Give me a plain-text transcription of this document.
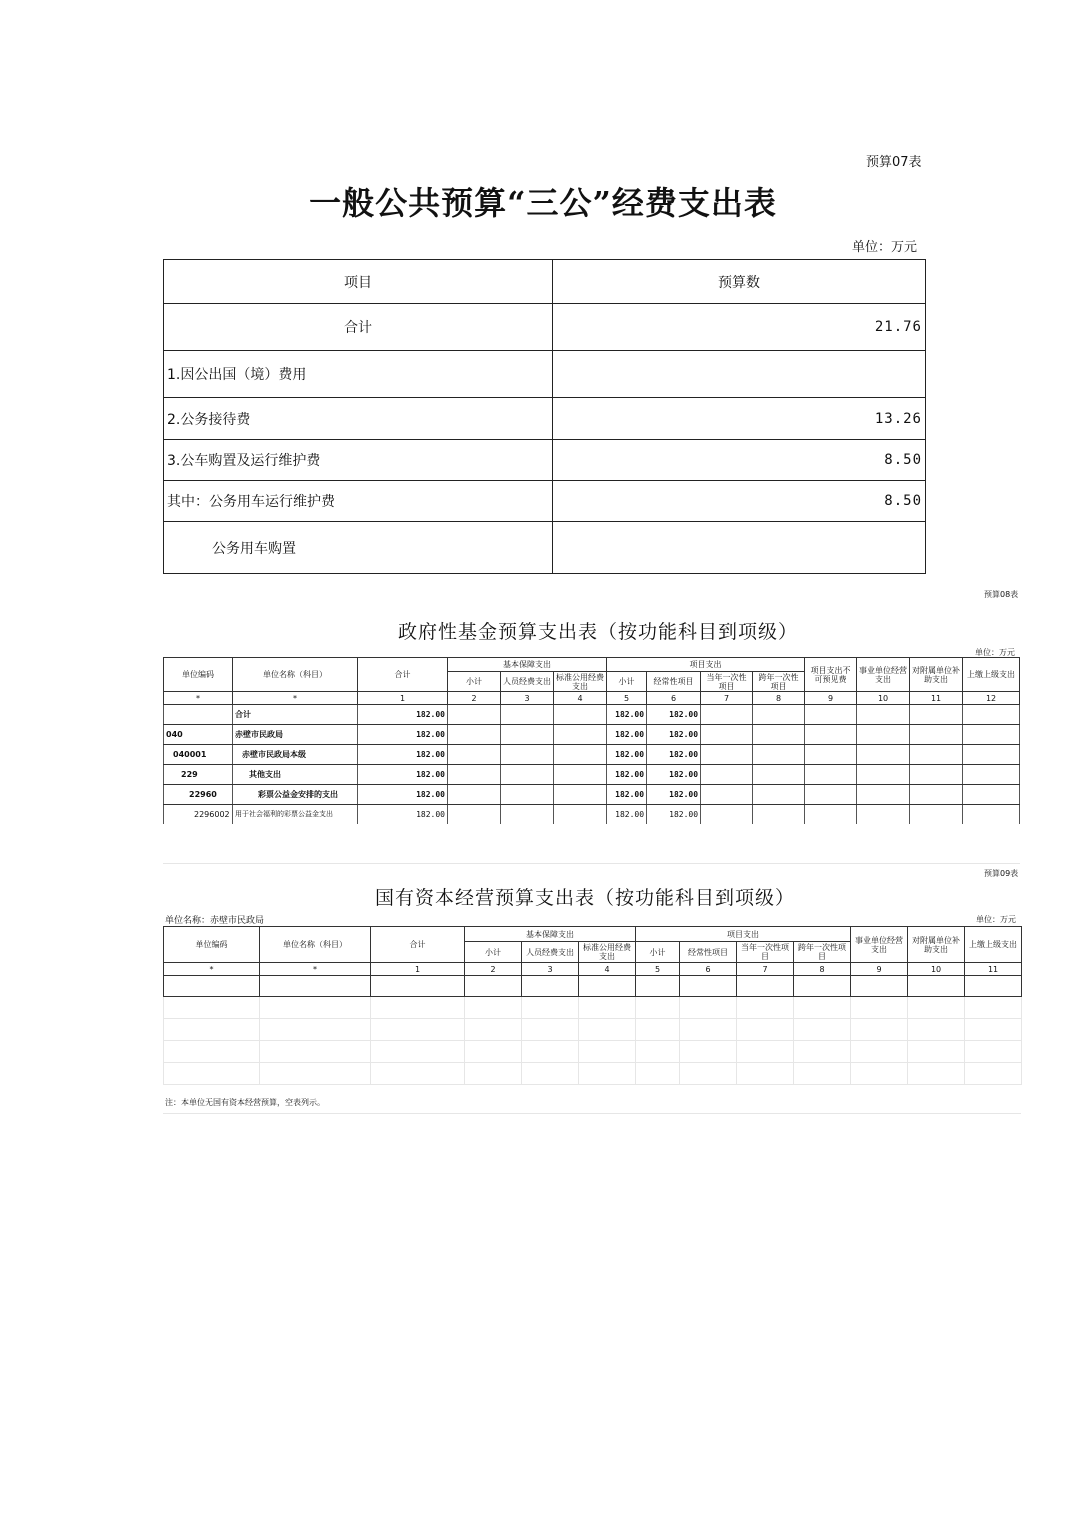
预算07表
一般公共预算“三公”经费支出表
单位：万元
项目	预算数
合计	21.76
1.因公出国（境）费用	
2.公务接待费	13.26
3.公车购置及运行维护费	8.50
其中：公务用车运行维护费	8.50
公务用车购置	
预算08表
政府性基金预算支出表（按功能科目到项级）
单位：万元
单位编码	单位名称（科目）	合计	基本保障支出			项目支出				项目支出不可预见费	事业单位经营支出	对附属单位补助支出	上缴上级支出
			小计	人员经费支出	标准公用经费支出	小计	经常性项目	当年一次性项目	跨年一次性项目				
*	*	1	2	3	4	5	6	7	8	9	10	11	12
	合计	182.00				182.00	182.00						
040	赤壁市民政局	182.00				182.00	182.00						
040001	赤壁市民政局本级	182.00				182.00	182.00						
229	其他支出	182.00				182.00	182.00						
22960	彩票公益金安排的支出	182.00				182.00	182.00						
2296002	用于社会福利的彩票公益金支出	182.00				182.00	182.00						
预算09表
国有资本经营预算支出表（按功能科目到项级）
单位名称：赤壁市民政局	单位：万元
单位编码	单位名称（科目）	合计	基本保障支出			项目支出				事业单位经营支出	对附属单位补助支出	上缴上级支出
			小计	人员经费支出	标准公用经费支出	小计	经常性项目	当年一次性项目	跨年一次性项目			
*	*	1	2	3	4	5	6	7	8	9	10	11

注：本单位无国有资本经营预算，空表列示。
